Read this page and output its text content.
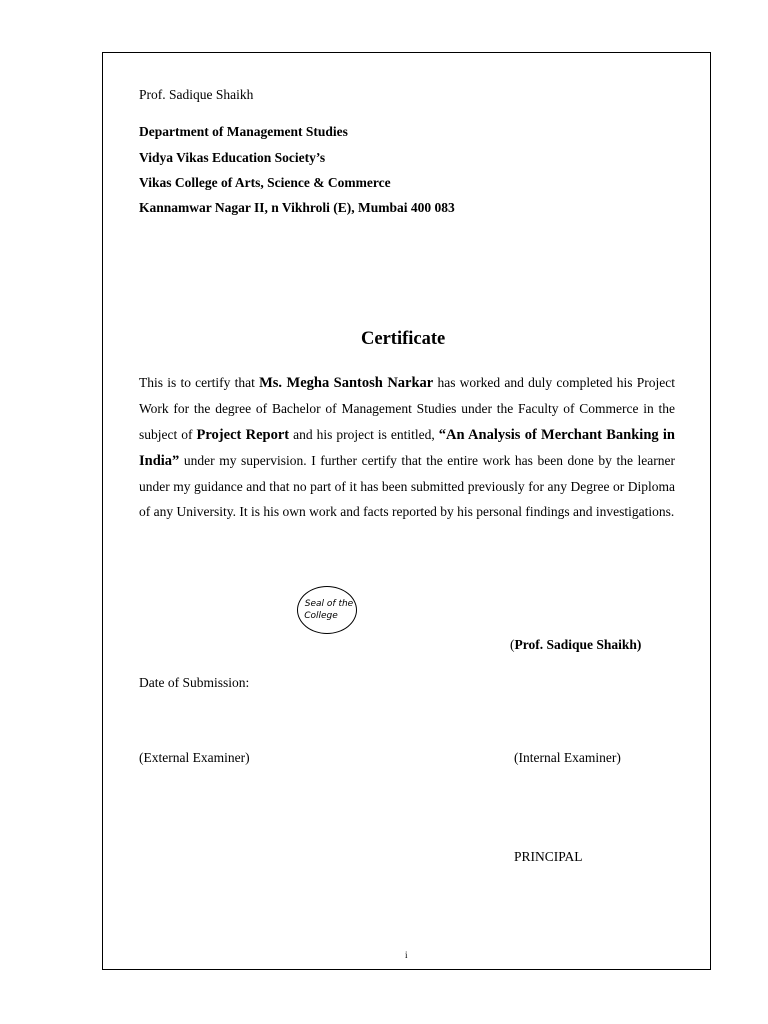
Prof. Sadique Shaikh
Department of Management Studies
Vidya Vikas Education Society’s
Vikas College of Arts, Science & Commerce
Kannamwar Nagar II, n Vikhroli (E), Mumbai 400 083
Certificate
This is to certify that Ms. Megha Santosh Narkar has worked and duly completed his Project Work for the degree of Bachelor of Management Studies under the Faculty of Commerce in the subject of Project Report and his project is entitled, “An Analysis of Merchant Banking in India” under my supervision. I further certify that the entire work has been done by the learner under my guidance and that no part of it has been submitted previously for any Degree or Diploma of any University. It is his own work and facts reported by his personal findings and investigations.
Seal of the
College
(Prof. Sadique Shaikh)
Date of Submission:
(External Examiner)	(Internal Examiner)
PRINCIPAL
i
